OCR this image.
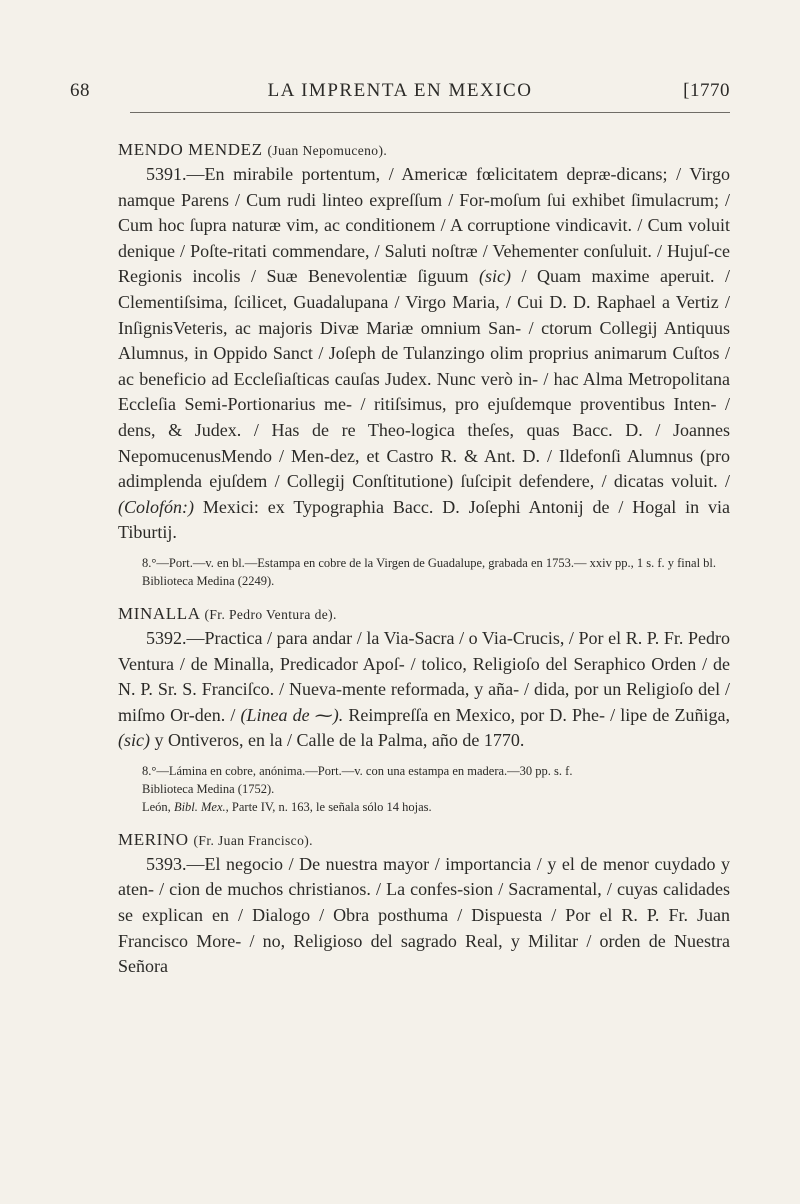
68	LA IMPRENTA EN MEXICO	[1770
MENDO MENDEZ (Juan Nepomuceno).
5391.—En mirabile portentum, / Americæ fœlicitatem depræ-dicans; / Virgo namque Parens / Cum rudi linteo expreſſum / For-moſum ſui exhibet ſimulacrum; / Cum hoc ſupra naturæ vim, ac conditionem / A corruptione vindicavit. / Cum voluit denique / Poſte-ritati commendare, / Saluti noſtræ / Vehementer conſuluit. / Hujuſ-ce Regionis incolis / Suæ Benevolentiæ ſiguum (sic) / Quam maxime aperuit. / Clementiſsima, ſcilicet, Guadalupana / Virgo Maria, / Cui D. D. Raphael a Vertiz / InſignisVeteris, ac majoris Divæ Mariæ omnium San- / ctorum Collegij Antiquus Alumnus, in Oppido Sanct / Joſeph de Tulanzingo olim proprius animarum Cuſtos / ac beneficio ad Eccleſiaſticas cauſas Judex. Nunc verò in- / hac Alma Metropolitana Eccleſia Semi-Portionarius me- / ritiſsimus, pro ejuſdemque proventibus Inten- / dens, & Judex. / Has de re Theo-logica theſes, quas Bacc. D. / Joannes NepomucenusMendo / Men-dez, et Castro R. & Ant. D. / Ildefonſi Alumnus (pro adimplenda ejuſdem / Collegij Conſtitutione) ſuſcipit defendere, / dicatas voluit. / (Colofón:) Mexici: ex Typographia Bacc. D. Joſephi Antonij de / Hogal in via Tiburtij.

8.°—Port.—v. en bl.—Estampa en cobre de la Virgen de Guadalupe, grabada en 1753.— xxiv pp., 1 s. f. y final bl.

Biblioteca Medina (2249).

MINALLA (Fr. Pedro Ventura de).
5392.—Practica / para andar / la Via-Sacra / o Via-Crucis, / Por el R. P. Fr. Pedro Ventura / de Minalla, Predicador Apoſ- / tolico, Religioſo del Seraphico Orden / de N. P. Sr. S. Franciſco. / Nueva-mente reformada, y aña- / dida, por un Religioſo del / miſmo Or-den. / (Linea de ⁓). Reimpreſſa en Mexico, por D. Phe- / lipe de Zuñiga, (sic) y Ontiveros, en la / Calle de la Palma, año de 1770.

8.°—Lámina en cobre, anónima.—Port.—v. con una estampa en madera.—30 pp. s. f.

Biblioteca Medina (1752).

León, Bibl. Mex., Parte IV, n. 163, le señala sólo 14 hojas.

MERINO (Fr. Juan Francisco).
5393.—El negocio / De nuestra mayor / importancia / y el de menor cuydado y aten- / cion de muchos christianos. / La confes-sion / Sacramental, / cuyas calidades se explican en / Dialogo / Obra posthuma / Dispuesta / Por el R. P. Fr. Juan Francisco More- / no, Religioso del sagrado Real, y Militar / orden de Nuestra Señora
